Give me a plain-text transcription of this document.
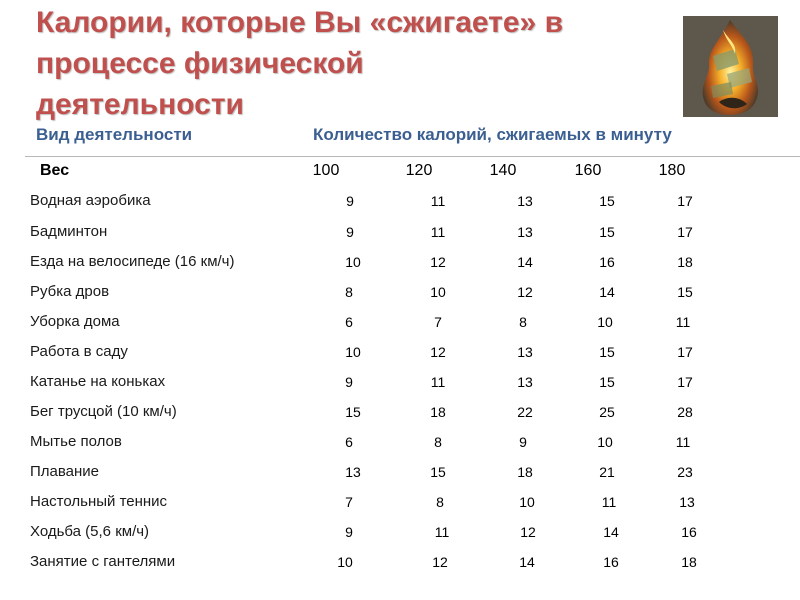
Калории, которые Вы «сжигаете» в
процессе физической
деятельности
Вид деятельности	Количество калорий, сжигаемых в минуту
Вес	100	120	140	160	180
Водная аэробика	9	11	13	15	17
Бадминтон	9	11	13	15	17
Езда на велосипеде (16 км/ч)	10	12	14	16	18
Рубка дров	8	10	12	14	15
Уборка дома	6	7	8	10	11
Работа в саду	10	12	13	15	17
Катанье на коньках	9	11	13	15	17
Бег трусцой (10 км/ч)	15	18	22	25	28
Мытье полов	6	8	9	10	11
Плавание	13	15	18	21	23
Настольный теннис	7	8	10	11	13
Ходьба (5,6 км/ч)	9	11	12	14	16
Занятие с гантелями	10	12	14	16	18
